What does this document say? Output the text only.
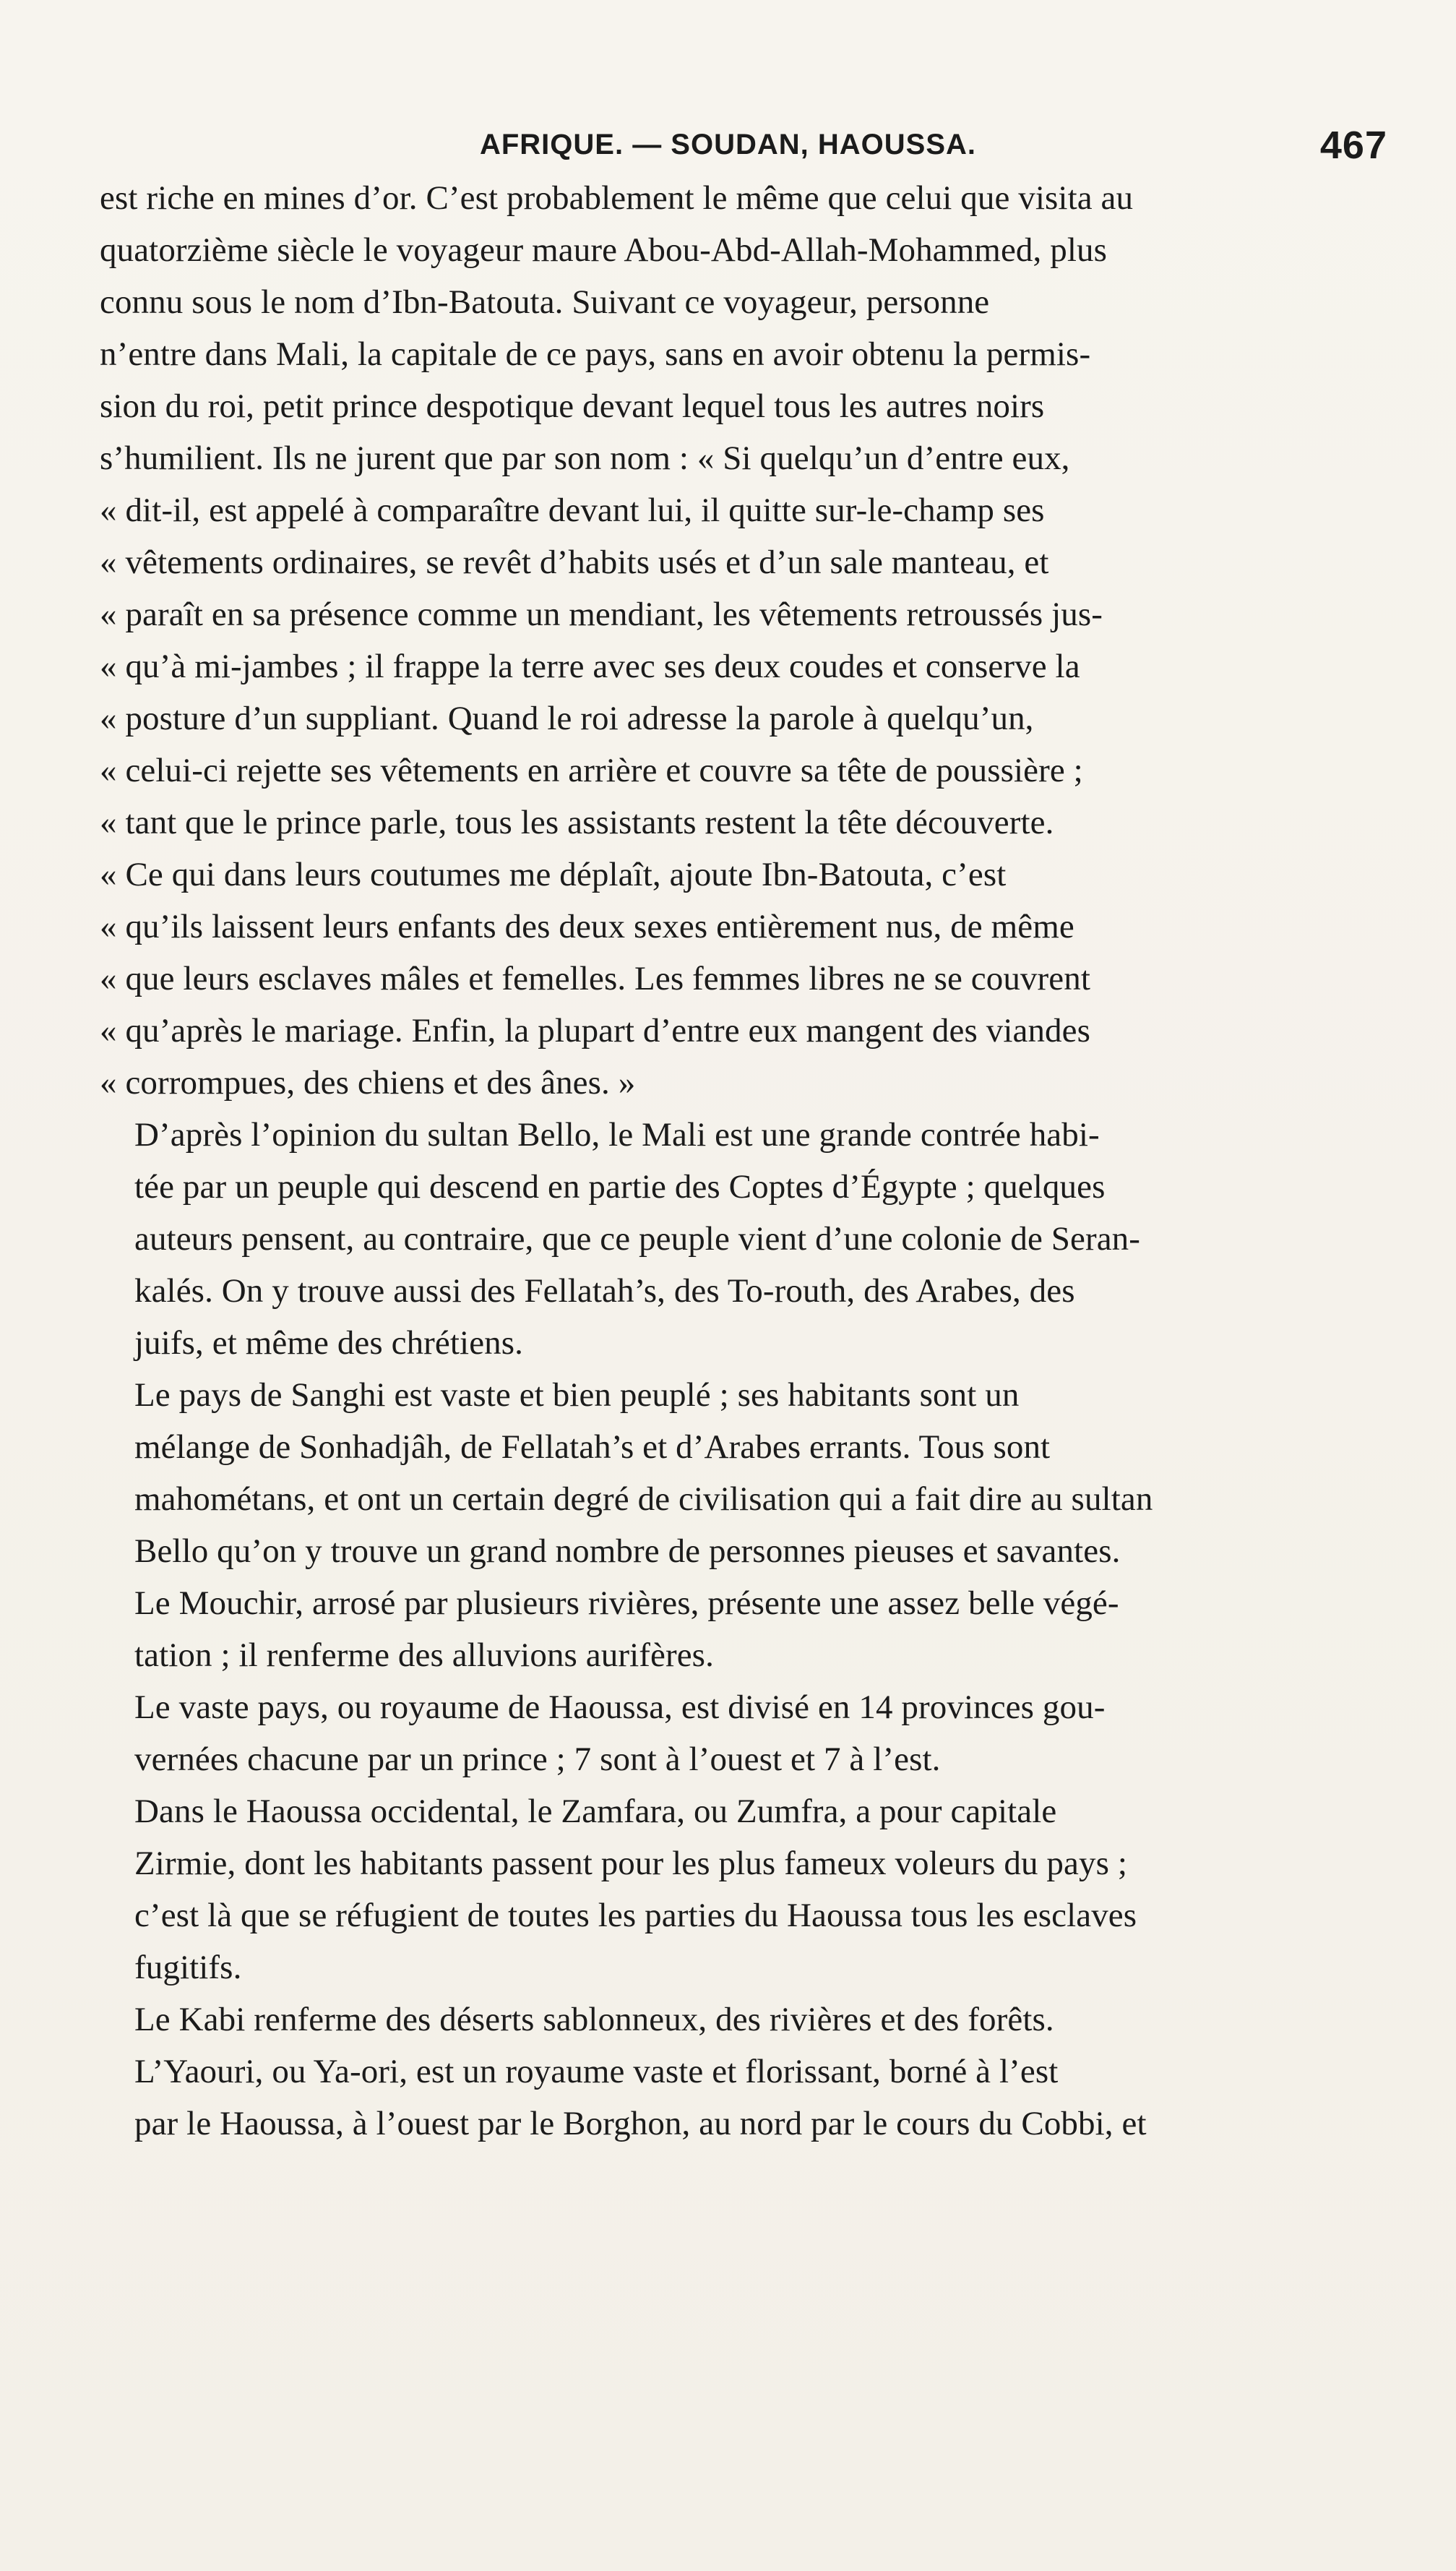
AFRIQUE. — SOUDAN, HAOUSSA.	467

est riche en mines d’or. C’est probablement le même que celui que visita au
quatorzième siècle le voyageur maure Abou-Abd-Allah-Mohammed, plus
connu sous le nom d’Ibn-Batouta. Suivant ce voyageur, personne
n’entre dans Mali, la capitale de ce pays, sans en avoir obtenu la permis-
sion du roi, petit prince despotique devant lequel tous les autres noirs
s’humilient. Ils ne jurent que par son nom : « Si quelqu’un d’entre eux,
« dit-il, est appelé à comparaître devant lui, il quitte sur-le-champ ses
« vêtements ordinaires, se revêt d’habits usés et d’un sale manteau, et
« paraît en sa présence comme un mendiant, les vêtements retroussés jus-
« qu’à mi-jambes ; il frappe la terre avec ses deux coudes et conserve la
« posture d’un suppliant. Quand le roi adresse la parole à quelqu’un,
« celui-ci rejette ses vêtements en arrière et couvre sa tête de poussière ;
« tant que le prince parle, tous les assistants restent la tête découverte.
« Ce qui dans leurs coutumes me déplaît, ajoute Ibn-Batouta, c’est
« qu’ils laissent leurs enfants des deux sexes entièrement nus, de même
« que leurs esclaves mâles et femelles. Les femmes libres ne se couvrent
« qu’après le mariage. Enfin, la plupart d’entre eux mangent des viandes
« corrompues, des chiens et des ânes. »

D’après l’opinion du sultan Bello, le Mali est une grande contrée habi-
tée par un peuple qui descend en partie des Coptes d’Égypte ; quelques
auteurs pensent, au contraire, que ce peuple vient d’une colonie de Seran-
kalés. On y trouve aussi des Fellatah’s, des To-routh, des Arabes, des
juifs, et même des chrétiens.

Le pays de Sanghi est vaste et bien peuplé ; ses habitants sont un
mélange de Sonhadjâh, de Fellatah’s et d’Arabes errants. Tous sont
mahométans, et ont un certain degré de civilisation qui a fait dire au sultan
Bello qu’on y trouve un grand nombre de personnes pieuses et savantes.

Le Mouchir, arrosé par plusieurs rivières, présente une assez belle végé-
tation ; il renferme des alluvions aurifères.

Le vaste pays, ou royaume de Haoussa, est divisé en 14 provinces gou-
vernées chacune par un prince ; 7 sont à l’ouest et 7 à l’est.

Dans le Haoussa occidental, le Zamfara, ou Zumfra, a pour capitale
Zirmie, dont les habitants passent pour les plus fameux voleurs du pays ;
c’est là que se réfugient de toutes les parties du Haoussa tous les esclaves
fugitifs.

Le Kabi renferme des déserts sablonneux, des rivières et des forêts.

L’Yaouri, ou Ya-ori, est un royaume vaste et florissant, borné à l’est
par le Haoussa, à l’ouest par le Borghon, au nord par le cours du Cobbi, et
